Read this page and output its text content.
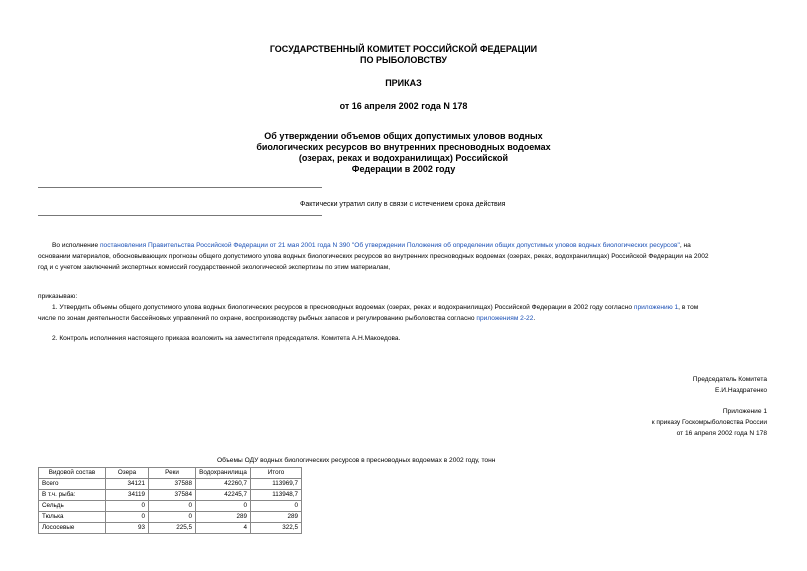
ГОСУДАРСТВЕННЫЙ КОМИТЕТ РОССИЙСКОЙ ФЕДЕРАЦИИ
ПО РЫБОЛОВСТВУ
ПРИКАЗ
от 16 апреля 2002 года N 178
Об утверждении объемов общих допустимых уловов водных
биологических ресурсов во внутренних пресноводных водоемах
(озерах, реках и водохранилищах) Российской
Федерации в 2002 году
Фактически утратил силу в связи с истечением срока действия
Во исполнение постановления Правительства Российской Федерации от 21 мая 2001 года N 390 "Об утверждении Положения об определении общих допустимых уловов водных биологических ресурсов", на
основании материалов, обосновывающих прогнозы общего допустимого улова водных биологических ресурсов во внутренних пресноводных водоемах (озерах, реках, водохранилищах) Российской Федерации на 2002
год и с учетом заключений экспертных комиссий государственной экологической экспертизы по этим материалам,
приказываю:
1. Утвердить объемы общего допустимого улова водных биологических ресурсов в пресноводных водоемах (озерах, реках и водохранилищах) Российской Федерации в 2002 году согласно приложению 1, в том
числе по зонам деятельности бассейновых управлений по охране, воспроизводству рыбных запасов и регулированию рыболовства согласно приложениям 2-22.
2. Контроль исполнения настоящего приказа возложить на заместителя председателя. Комитета А.Н.Макоедова.
Председатель Комитета
Е.И.Наздратенко
Приложение 1
к приказу Госкомрыболовства России
от 16 апреля 2002 года N 178
Объемы ОДУ водных биологических ресурсов в пресноводных водоемах в 2002 году, тонн
Видовой состав	Озера	Реки	Водохранилища	Итого
Всего	34121	37588	42260,7	113969,7
В т.ч. рыба:	34119	37584	42245,7	113948,7
Сельдь	0	0	0	0
Тюлька	0	0	289	289
Лососевые	93	225,5	4	322,5
